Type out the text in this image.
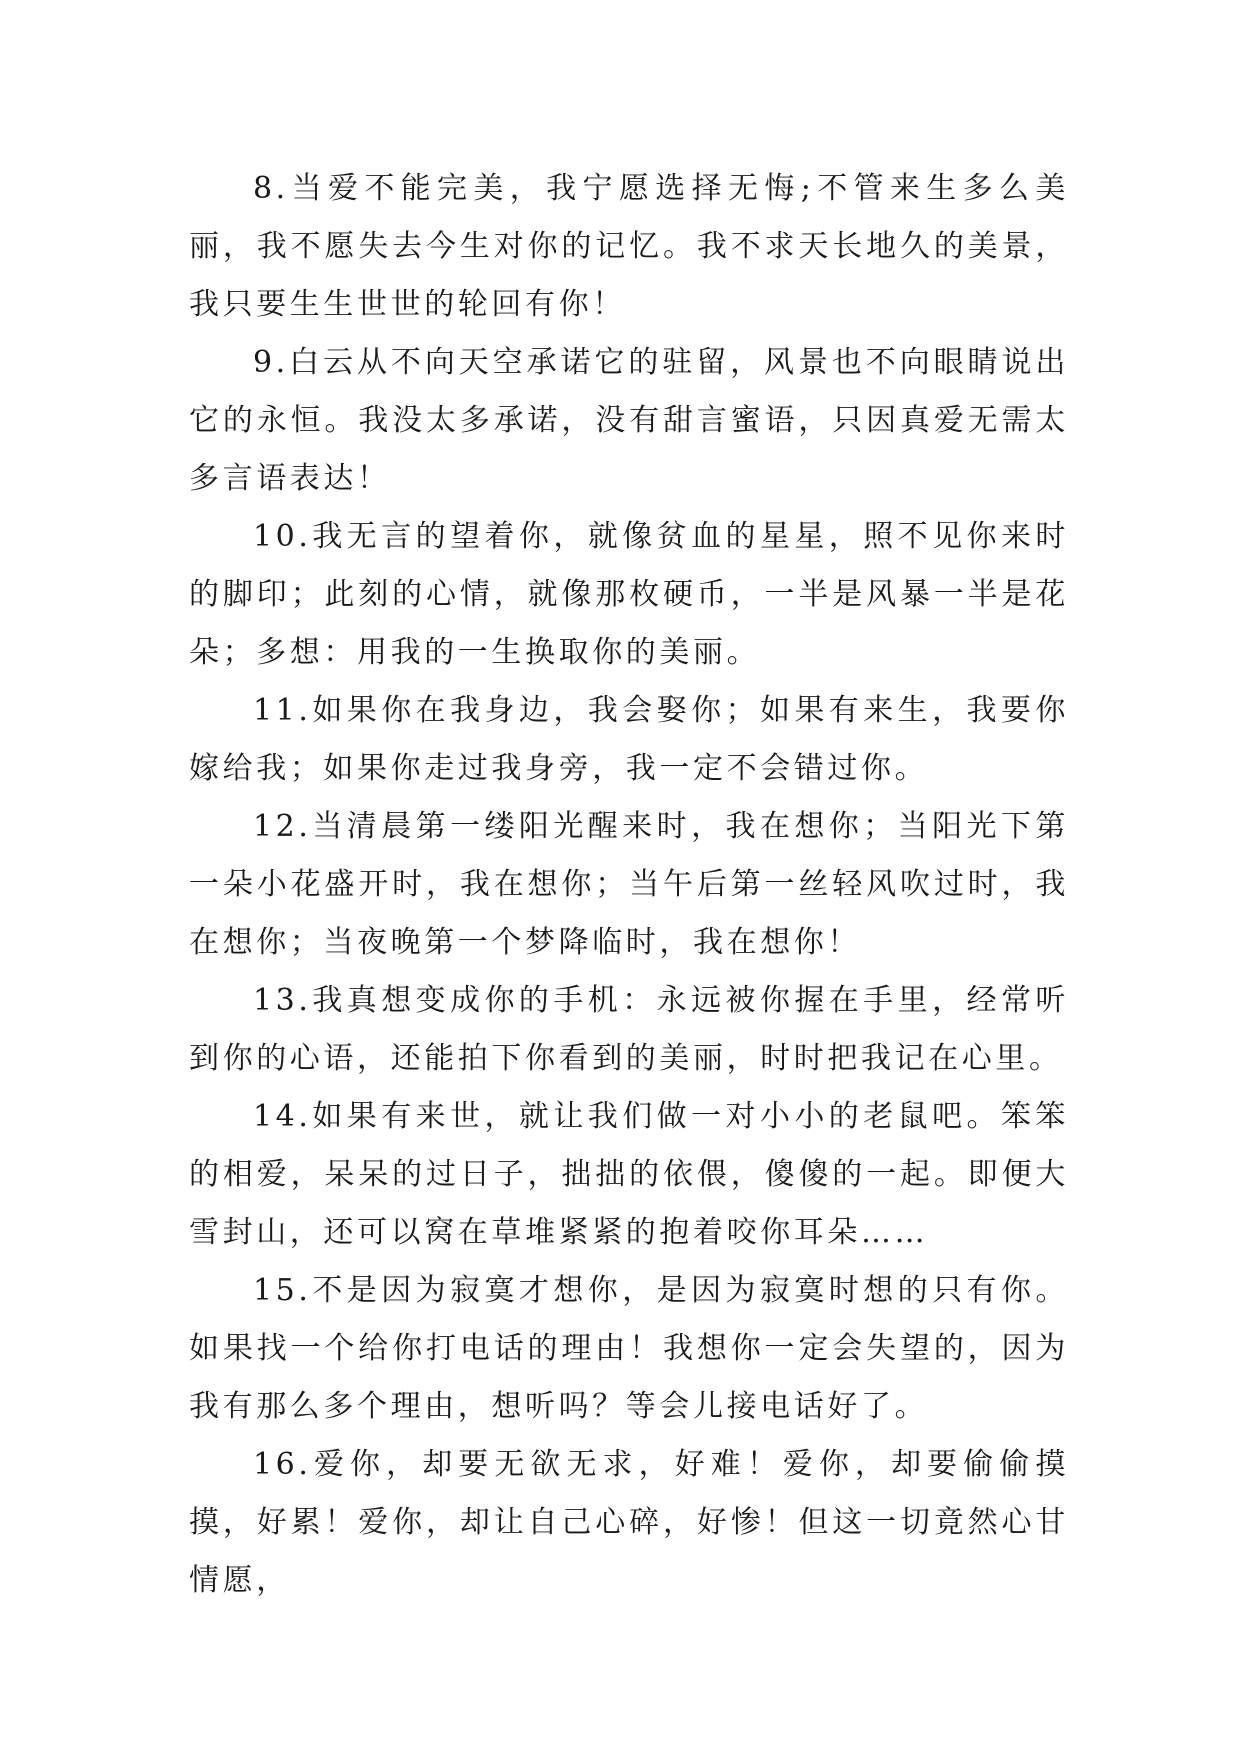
8.当爱不能完美，我宁愿选择无悔;不管来生多么美丽，我不愿失去今生对你的记忆。我不求天长地久的美景，我只要生生世世的轮回有你！

9.白云从不向天空承诺它的驻留，风景也不向眼睛说出它的永恒。我没太多承诺，没有甜言蜜语，只因真爱无需太多言语表达！

10.我无言的望着你，就像贫血的星星，照不见你来时的脚印；此刻的心情，就像那枚硬币，一半是风暴一半是花朵；多想：用我的一生换取你的美丽。

11.如果你在我身边，我会娶你；如果有来生，我要你嫁给我；如果你走过我身旁，我一定不会错过你。

12.当清晨第一缕阳光醒来时，我在想你；当阳光下第一朵小花盛开时，我在想你；当午后第一丝轻风吹过时，我在想你；当夜晚第一个梦降临时，我在想你！

13.我真想变成你的手机：永远被你握在手里，经常听到你的心语，还能拍下你看到的美丽，时时把我记在心里。

14.如果有来世，就让我们做一对小小的老鼠吧。笨笨的相爱，呆呆的过日子，拙拙的依偎，傻傻的一起。即便大雪封山，还可以窝在草堆紧紧的抱着咬你耳朵……

15.不是因为寂寞才想你，是因为寂寞时想的只有你。如果找一个给你打电话的理由！我想你一定会失望的，因为我有那么多个理由，想听吗？等会儿接电话好了。

16.爱你，却要无欲无求，好难！爱你，却要偷偷摸摸，好累！爱你，却让自己心碎，好惨！但这一切竟然心甘情愿，
